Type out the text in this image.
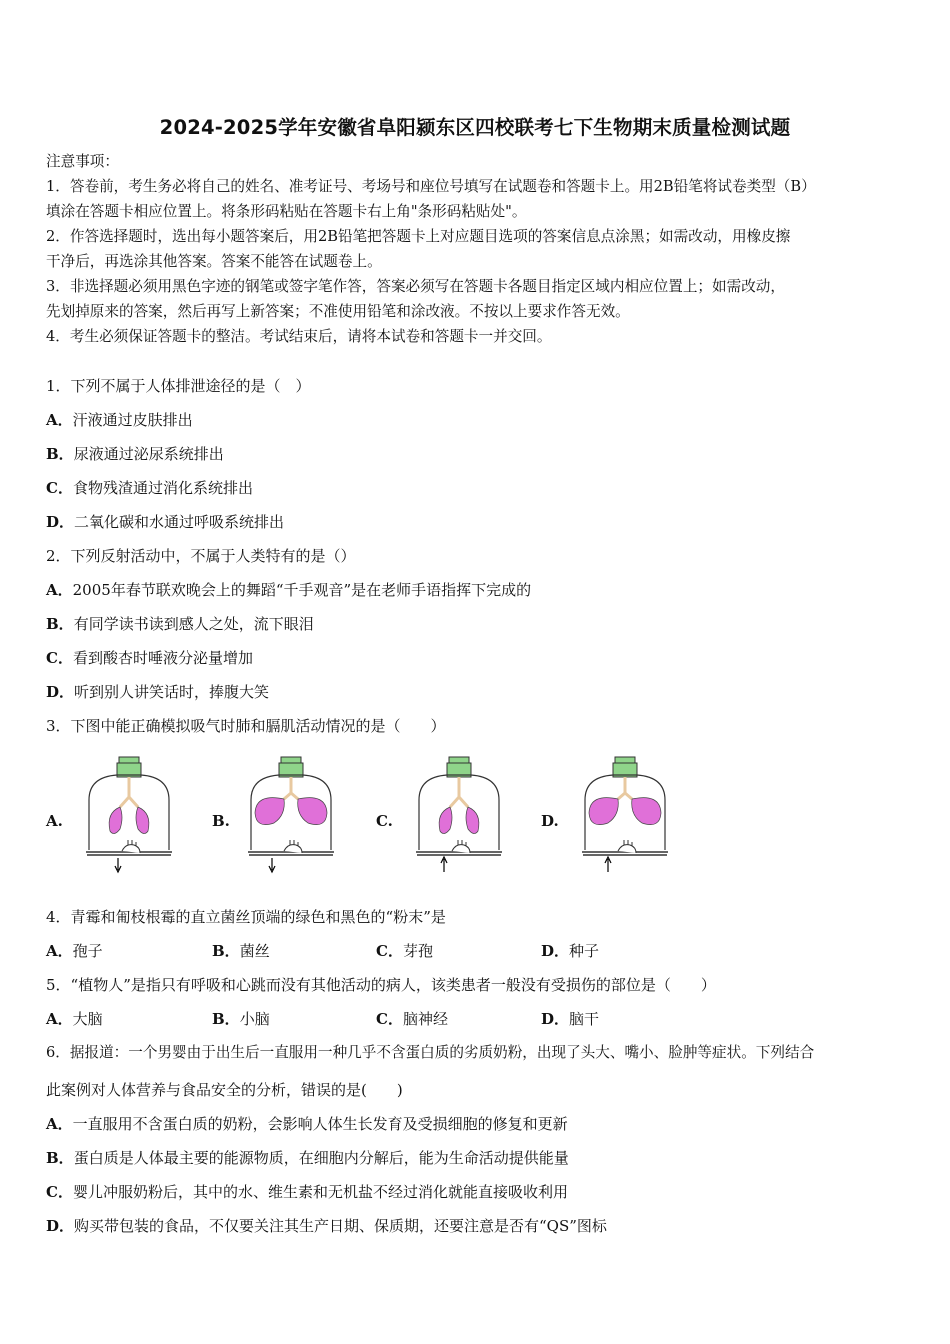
2024-2025学年安徽省阜阳颍东区四校联考七下生物期末质量检测试题
注意事项：
1．答卷前，考生务必将自己的姓名、准考证号、考场号和座位号填写在试题卷和答题卡上。用2B铅笔将试卷类型（B）
填涂在答题卡相应位置上。将条形码粘贴在答题卡右上角"条形码粘贴处"。
2．作答选择题时，选出每小题答案后，用2B铅笔把答题卡上对应题目选项的答案信息点涂黑；如需改动，用橡皮擦
干净后，再选涂其他答案。答案不能答在试题卷上。
3．非选择题必须用黑色字迹的钢笔或签字笔作答，答案必须写在答题卡各题目指定区域内相应位置上；如需改动，
先划掉原来的答案，然后再写上新答案；不准使用铅笔和涂改液。不按以上要求作答无效。
4．考生必须保证答题卡的整洁。考试结束后，请将本试卷和答题卡一并交回。
1．下列不属于人体排泄途径的是（　）
A．汗液通过皮肤排出
B．尿液通过泌尿系统排出
C．食物残渣通过消化系统排出
D．二氧化碳和水通过呼吸系统排出
2．下列反射活动中，不属于人类特有的是（）
A．2005年春节联欢晚会上的舞蹈“千手观音”是在老师手语指挥下完成的
B．有同学读书读到感人之处，流下眼泪
C．看到酸杏时唾液分泌量增加
D．听到别人讲笑话时，捧腹大笑
3．下图中能正确模拟吸气时肺和膈肌活动情况的是（　　）
A.	B.	C.	D.
4．青霉和匍枝根霉的直立菌丝顶端的绿色和黑色的“粉末”是
A．孢子	B．菌丝	C．芽孢	D．种子
5．“植物人”是指只有呼吸和心跳而没有其他活动的病人，该类患者一般没有受损伤的部位是（　　）
A．大脑	B．小脑	C．脑神经	D．脑干
6．据报道：一个男婴由于出生后一直服用一种几乎不含蛋白质的劣质奶粉，出现了头大、嘴小、脸肿等症状。下列结合
此案例对人体营养与食品安全的分析，错误的是(　　)
A．一直服用不含蛋白质的奶粉，会影响人体生长发育及受损细胞的修复和更新
B．蛋白质是人体最主要的能源物质，在细胞内分解后，能为生命活动提供能量
C．婴儿冲服奶粉后，其中的水、维生素和无机盐不经过消化就能直接吸收利用
D．购买带包装的食品，不仅要关注其生产日期、保质期，还要注意是否有“QS”图标
